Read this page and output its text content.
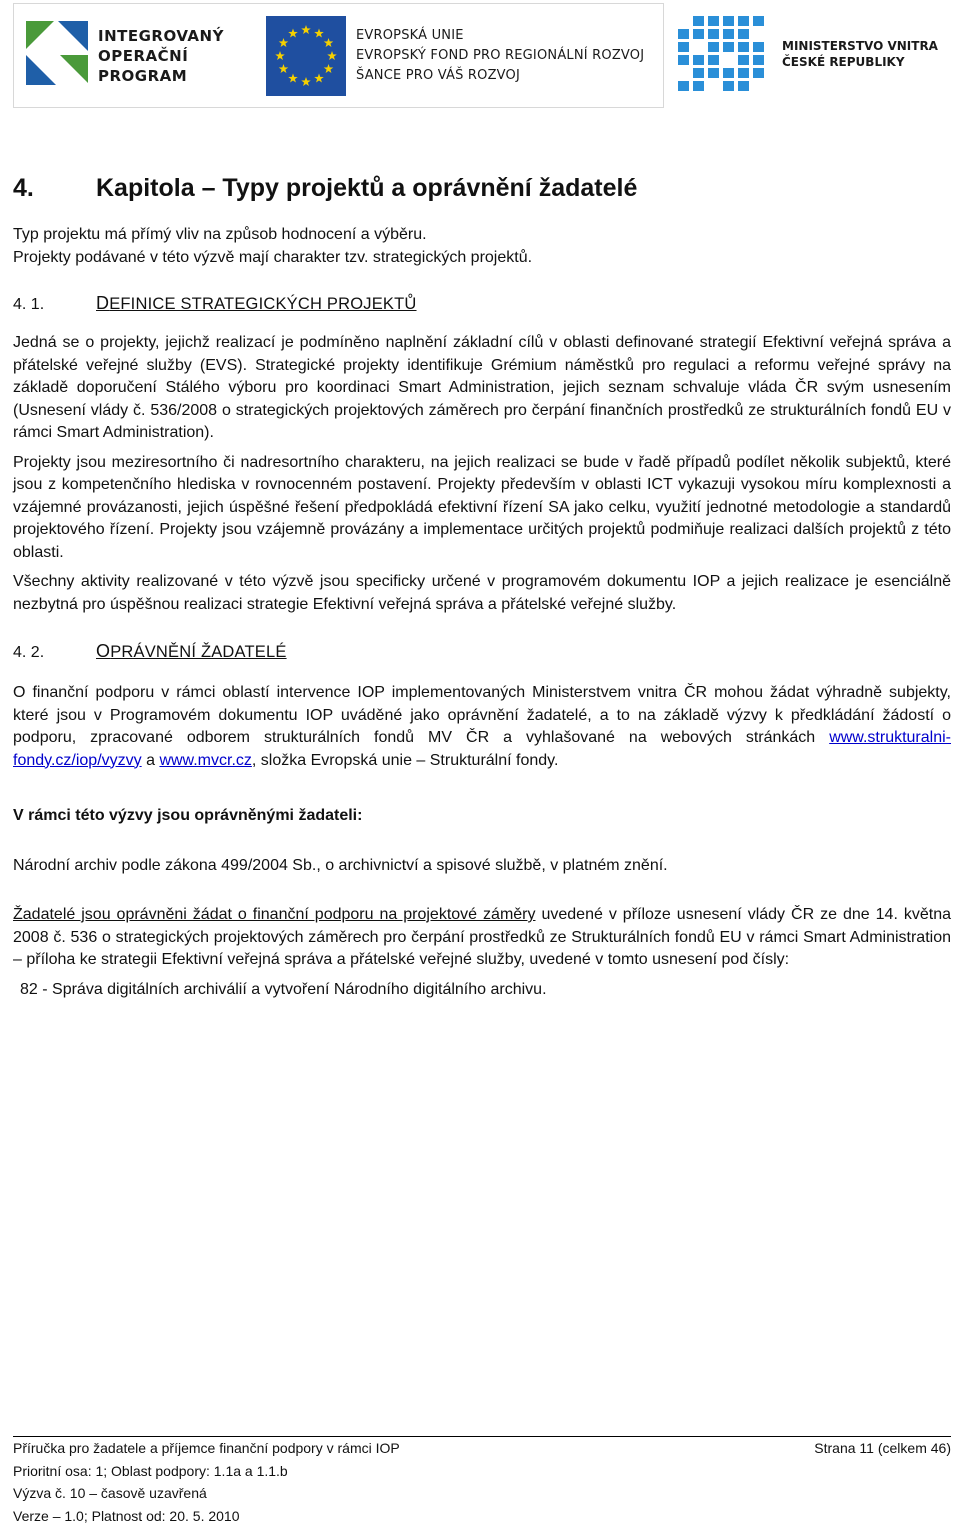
INTEGROVANÝ
OPERAČNÍ
PROGRAM
EVROPSKÁ UNIE
EVROPSKÝ FOND PRO REGIONÁLNÍ ROZVOJ
ŠANCE PRO VÁŠ ROZVOJ
MINISTERSTVO VNITRA
ČESKÉ REPUBLIKY
4. Kapitola – Typy projektů a oprávnění žadatelé

Typ projektu má přímý vliv na způsob hodnocení a výběru.

Projekty podávané v této výzvě mají charakter tzv. strategických projektů.

4. 1.	DEFINICE STRATEGICKÝCH PROJEKTŮ

Jedná se o projekty, jejichž realizací je podmíněno naplnění základní cílů v oblasti definované strategií Efektivní veřejná správa a přátelské veřejné služby (EVS). Strategické projekty identifikuje Grémium náměstků pro regulaci a reformu veřejné správy na základě doporučení Stálého výboru pro koordinaci Smart Administration, jejich seznam schvaluje vláda ČR svým usnesením (Usnesení vlády č. 536/2008 o strategických projektových záměrech pro čerpání finančních prostředků ze strukturálních fondů EU v rámci Smart Administration).

Projekty jsou meziresortního či nadresortního charakteru, na jejich realizaci se bude v řadě případů podílet několik subjektů, které jsou z kompetenčního hlediska v rovnocenném postavení. Projekty především v oblasti ICT vykazuji vysokou míru komplexnosti a vzájemné provázanosti, jejich úspěšné řešení předpokládá efektivní řízení SA jako celku, využití jednotné metodologie a standardů projektového řízení. Projekty jsou vzájemně provázány a implementace určitých projektů podmiňuje realizaci dalších projektů z této oblasti.

Všechny aktivity realizované v této výzvě jsou specificky určené v programovém dokumentu IOP a jejich realizace je esenciálně nezbytná pro úspěšnou realizaci strategie Efektivní veřejná správa a přátelské veřejné služby.

4. 2.	OPRÁVNĚNÍ ŽADATELÉ

O finanční podporu v rámci oblastí intervence IOP implementovaných Ministerstvem vnitra ČR mohou žádat výhradně subjekty, které jsou v Programovém dokumentu IOP uváděné jako oprávnění žadatelé, a to na základě výzvy k předkládání žádostí o podporu, zpracované odborem strukturálních fondů MV ČR a vyhlašované na webových stránkách www.strukturalni-fondy.cz/iop/vyzvy a www.mvcr.cz, složka Evropská unie – Strukturální fondy.

V rámci této výzvy jsou oprávněnými žadateli:

Národní archiv podle zákona 499/2004 Sb., o archivnictví a spisové službě, v platném znění.

Žadatelé jsou oprávněni žádat o finanční podporu na projektové záměry uvedené v příloze usnesení vlády ČR ze dne 14. května 2008 č. 536 o strategických projektových záměrech pro čerpání prostředků ze Strukturálních fondů EU v rámci Smart Administration – příloha ke strategii Efektivní veřejná správa a přátelské veřejné služby, uvedené v tomto usnesení pod čísly:

82 - Správa digitálních archiválií a vytvoření Národního digitálního archivu.

Příručka pro žadatele a příjemce finanční podpory v rámci IOP	Strana 11 (celkem 46)
Prioritní osa: 1; Oblast podpory: 1.1a a 1.1.b
Výzva č. 10 – časově uzavřená
Verze – 1.0; Platnost od: 20. 5. 2010
